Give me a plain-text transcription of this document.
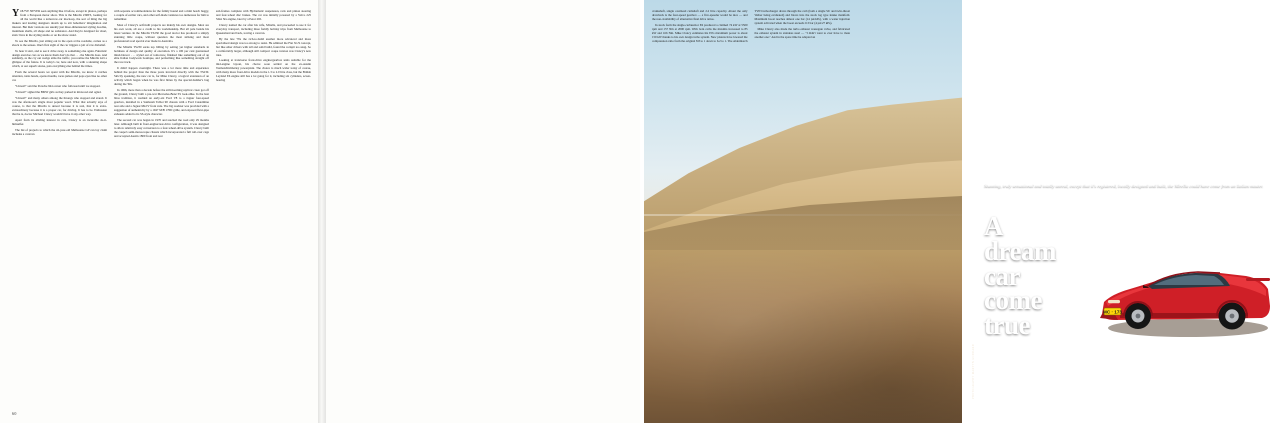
YOU'VE NEVER seen anything like it before, except in photos, perhaps from a European motor show. This is the Mirella 23RTS, looking for all the world like a tomorrow-car mock-up, the sort of thing the big makers and leading designers dream up to stir beholders' imagination and interest. But their versions are usually just three-dimensional styling doodles, inanimate shells, all shape and no substance. And they're designed for short, static lives in the styling studio or on the show stand.

To see the Mirella, just sitting out in the open at the roadside, comes as a shock to the senses. One's first sight of the car triggers a jolt of raw disbelief.

To hear it start, and to see it drive away, is something else again. Futuristic design exercise cars as we know them don't do that . . . the Mirella does. And suddenly, as the cry out wedge aims the traffic, you realise the Mirella isn't a glimpse of the future. It is today's car, here and now, with a stunning shape which, at our superb stroke, puts everything else behind the times.

From the several hours we spent with the Mirella, we know it catches attention, turns heads, opens mouths, races pulses and pops eyes like no other car.

"Unreal!" said the Porsche 944 owner who followed until we stopped.

"Unreal!" sighed the BMW girls as they parked in mid-road and ogled.

"Unreal!" and many others among the throngs who stopped and stared. It was the afternoon's single most popular word. What that actually says of course, is that the Mirella is unreal because it is real, that it is extra-extraordinary because it is a proper car, for driving. It has to be. Enthusiast that he is, doctor Michael Clancy wouldn't have it any other way.

Apart from its abiding interest in cars, Clancy is an incurable do-it-himselfer.

The list of projects to which the 42-year-old Melbourne GP can lay claim includes a caravan

with separate accommodations for the family hound and a mini beach buggy, a couple of earlier cars, and other self-made ventures too numerous for him to remember.

Most of Clancy's self-built projects are mainly his own designs. Most are his own work, all are a credit to his workmanship. But all pale beside his latest venture. In the Mirella TS230 the good doctor has produced a simply stunning little coupe, without question the most striking and most professional road special ever made in Australia.

The Mirella TS230 earns top billing by setting yet higher standards in boldness of design and quality of execution. It's a 100 per cent guaranteed mind-blower . . . styled out of tomorrow, finished like something out of an elite Italian bodywork boutique, and performing like something straight off the race track.

It didn't happen overnight. There was a lot more time and experience behind the project than the three years involved directly with the TS230. Strictly speaking, the new car is, for Mike Clancy, a logical extension of an activity which began when he was first bitten by the special-builder's bug during the '60s.

In 1966, more than a decade before the still-booming replicar craze got off the ground, Clancy built a pre-war Mercedes-Benz SS look-alike. In the best bitsa tradition, it wedded an early-six Ford V8 to a Jaguar four-speed gearbox, installed in a Sunbeam Talbot 90 chassis with a Ford Customline rear axle and a Jaguar Mk IV front axle. The big roadster was provided with a suggestion of authenticity by a 1947 M/B 170D grille, and exposed flexi-pipe exhausts added to its SS-style character.

The second car was begun in 1970 and reached the road only 29 months later. Although built in front-engine/rear-drive configuration, it was designed to allow relatively easy conversion to a four-wheel-drive system. Clancy built the coupe's semi-monocoque chassis which incorporated a full roll-over cage and accepted Austin 1800 front and rear

sub-frames complete with Hydramatic suspension, rack and pinion steering and four-wheel disc brakes. The car was initially powered by a Volvo 225 Sbist Six engine, later by a Perot 265.

Clancy named the car after his wife, Mirella, and proceeded to use it for everyday transport, including three family holiday trips from Melbourne to Queensland and back, towing a caravan.

By the late '70s the rich-to-build another more advanced and more specialised design was too strong to resist. He admired the Fiat X1/9 concept, but like other drivers with tall and solid build, found the cockpit too snug. So a comfortably larger, although still compact coupe version was Clancy's new idea.

Looking at transverse front-drive engine/gearbox units suitable for the mid-engine layout, his choice soon settled on the ex-Austin Tasman/Kimberley powerplant. The choice is much wider today of course, with many more front-drive models in the 1.3 to 2.0 litre class, but the British Leyland E6 engine still has a lot going for it, including six cylinders, seven-bearing

60
MC · 173
Stunning, truly sensational and totally unreal, except that it's registered, locally designed and built, the Mirella could have come from an Italian master.
A
dream
car
come
true
PHOTOGRAPHY MARTYN GODDARD

crankshaft, single overhead camshaft and 2.2 litre capacity. About the only drawback is the four-speed gearbox — a five-speeder would be nice — and the non-availability of alternative final drive ratios.

In stock form the single-carburettor E6 produced a claimed 74 kW at 5500 rpm and 157 Nm at 2000 rpm. With twin carbs the maxima increased to 85 kW and 166 Nm. Mike Clancy estimates his E6's maximum power is about 150 kW thanks to his own design turbo system. New pistons have lowered the compression ratio from the original 8.8 to 1 down to 6.2 to 1. The Aldermarch TV03 turbocharger draws through the carb (both a single SU and twin-throat Weber being evaluated) and blows into the stock log type intake manifold. Maximum boost reaches almost one bar (14 psi/kPa), with a water injection system activated when the boost exceeds 0.3 bar (4 psi/27 kPa).

Mike Clancy also made the turbo exhaust wastegate valve, and fabricated the exhaust system in stainless steel — "I didn't want to ever have to mate another one." And in the spare time he adapted an
